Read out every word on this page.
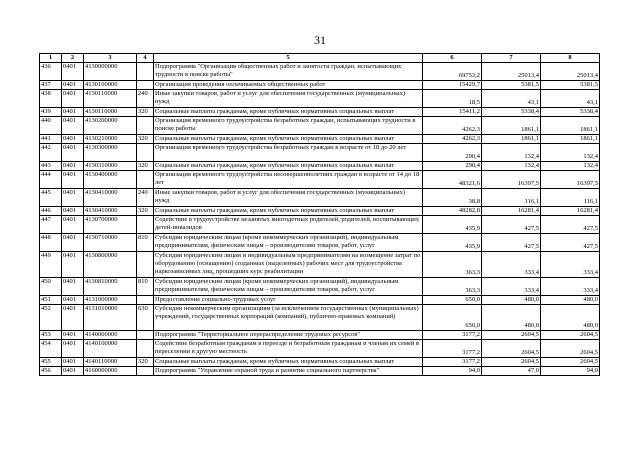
31
1	2	3	4	5	6	7	8
436	0401	4130000000		Подпрограмма "Организация общественных работ и занятости граждан, испытывающих трудности в поиске работы"	69753,2	25013,4	25013,4
437	0401	4130100000		Организация проведения оплачиваемых общественных работ	15429,7	5381,5	5381,5
438	0401	4130110000	240	Иные закупки товаров, работ и услуг для обеспечения государственных (муниципальных) нужд	18,5	43,1	43,1
439	0401	4130110000	320	Социальные выплаты гражданам, кроме публичных нормативных социальных выплат	15411,2	5338,4	5338,4
440	0401	4130200000		Организация временного трудоустройства безработных граждан, испытывающих трудности в поиске работы	4262,3	1861,1	1861,1
441	0401	4130210000	320	Социальные выплаты гражданам, кроме публичных нормативных социальных выплат	4262,3	1861,1	1861,1
442	0401	4130300000		Организация временного трудоустройства безработных граждан в возрасте от 18 до 20 лет	290,4	132,4	132,4
443	0401	4130310000	320	Социальные выплаты гражданам, кроме публичных нормативных социальных выплат	290,4	132,4	132,4
444	0401	4130400000		Организация временного трудоустройства несовершеннолетних граждан в возрасте от 14 до 18 лет	48321,6	16397,5	16397,5
445	0401	4130410000	240	Иные закупки товаров, работ и услуг для обеспечения государственных (муниципальных) нужд	38,8	116,1	116,1
446	0401	4130410000	320	Социальные выплаты гражданам, кроме публичных нормативных социальных выплат	48282,8	16281,4	16281,4
447	0401	4130700000		Содействие в трудоустройстве незанятых многодетных родителей, родителей, воспитывающих детей-инвалидов	435,9	427,5	427,5
448	0401	4130710000	810	Субсидии юридическим лицам (кроме некоммерческих организаций), индивидуальным предпринимателям, физическим лицам – производителям товаров, работ, услуг	435,9	427,5	427,5
449	0401	4130800000		Субсидии юридическим лицам и индивидуальным предпринимателям на возмещение затрат по оборудованию (оснащению) созданных (выделенных) рабочих мест для трудоустройства наркозависимых лиц, прошедших курс реабилитации	363,3	333,4	333,4
450	0401	4130810000	810	Субсидии юридическим лицам (кроме некоммерческих организаций), индивидуальным предпринимателям, физическим лицам – производителям товаров, работ, услуг	363,3	333,4	333,4
451	0401	4131000000		Предоставление социально-трудовых услуг	650,0	480,0	480,0
452	0401	4131010000	630	Субсидии некоммерческим организациям (за исключением государственных (муниципальных) учреждений, государственных корпораций (компаний), публично-правовых компаний)	650,0	480,0	480,0
453	0401	4140000000		Подпрограмма "Территориальное перераспределение трудовых ресурсов"	3177,2	2604,5	2604,5
454	0401	4140100000		Содействие безработным гражданам в переезде и безработным гражданам и членам их семей в переселении в другую местность	3177,2	2604,5	2604,5
455	0401	4140110000	320	Социальные выплаты гражданам, кроме публичных нормативных социальных выплат	3177,2	2604,5	2604,5
456	0401	4160000000		Подпрограмма "Управление охраной труда и развитие социального партнерства"	94,0	47,0	94,0
